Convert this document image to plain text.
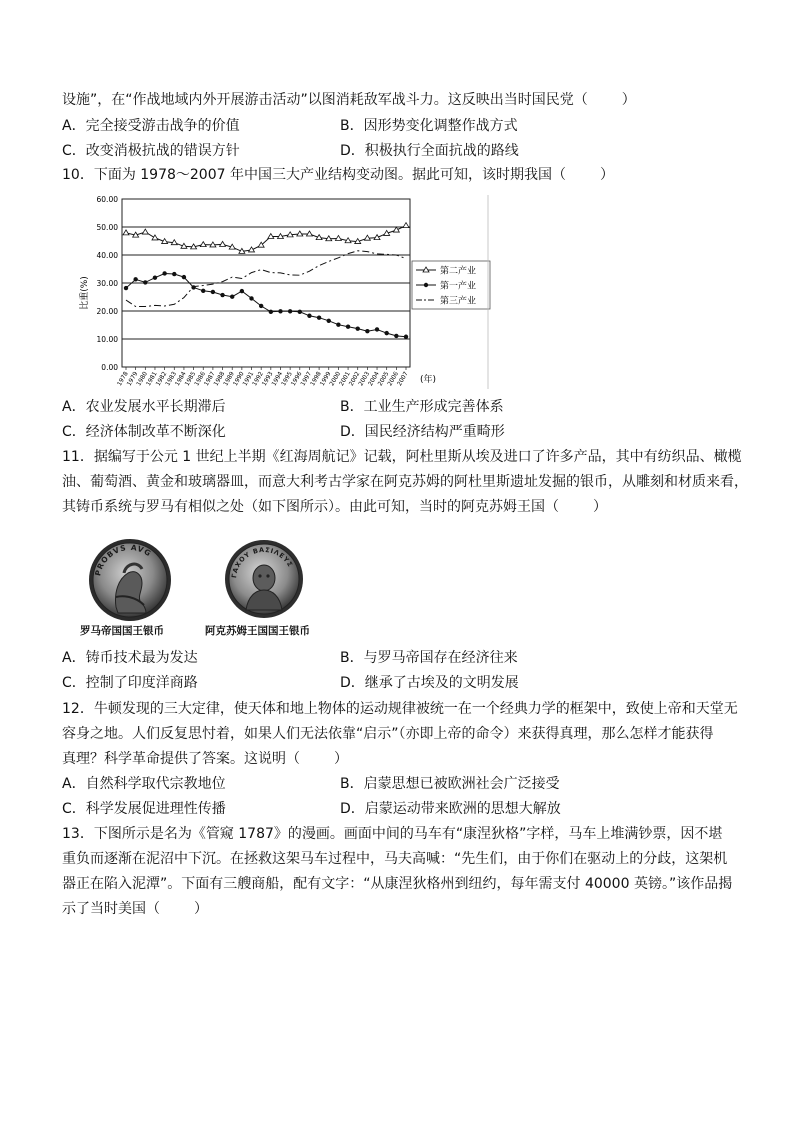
设施”，在“作战地域内外开展游击活动”以图消耗敌军战斗力。这反映出当时国民党（ ）
A．完全接受游击战争的价值	B．因形势变化调整作战方式
C．改变消极抗战的错误方针	D．积极执行全面抗战的路线
10．下面为 1978～2007 年中国三大产业结构变动图。据此可知，该时期我国（ ）
0.00
10.00
20.00
30.00
40.00
50.00
60.00
1978
1979
1980
1981
1982
1983
1984
1985
1986
1987
1988
1989
1990
1991
1992
1993
1994
1995
1996
1997
1998
1999
2000
2001
2002
2003
2004
2005
2006
2007
比重(%)
(年)
第二产业
第一产业
第三产业
A．农业发展水平长期滞后	B．工业生产形成完善体系
C．经济体制改革不断深化	D．国民经济结构严重畸形
11．据编写于公元 1 世纪上半期《红海周航记》记载，阿杜里斯从埃及进口了许多产品，其中有纺织品、橄榄
油、葡萄酒、黄金和玻璃器皿，而意大利考古学家在阿克苏姆的阿杜里斯遗址发掘的银币，从雕刻和材质来看，
其铸币系统与罗马有相似之处（如下图所示）。由此可知，当时的阿克苏姆王国（ ）
PROBVS AVG
罗马帝国国王银币
ΓΑΧΟΥ ΒΑΣΙΛΕΥΣ
阿克苏姆王国国王银币
A．铸币技术最为发达	B．与罗马帝国存在经济往来
C．控制了印度洋商路	D．继承了古埃及的文明发展
12．牛顿发现的三大定律，使天体和地上物体的运动规律被统一在一个经典力学的框架中，致使上帝和天堂无
容身之地。人们反复思忖着，如果人们无法依靠“启示”（亦即上帝的命令）来获得真理，那么怎样才能获得
真理？科学革命提供了答案。这说明（ ）
A．自然科学取代宗教地位	B．启蒙思想已被欧洲社会广泛接受
C．科学发展促进理性传播	D．启蒙运动带来欧洲的思想大解放
13．下图所示是名为《管窥 1787》的漫画。画面中间的马车有“康涅狄格”字样，马车上堆满钞票，因不堪
重负而逐渐在泥沼中下沉。在拯救这架马车过程中，马夫高喊：“先生们，由于你们在驱动上的分歧，这架机
器正在陷入泥潭”。下面有三艘商船，配有文字：“从康涅狄格州到纽约，每年需支付 40000 英镑。”该作品揭
示了当时美国（ ）
